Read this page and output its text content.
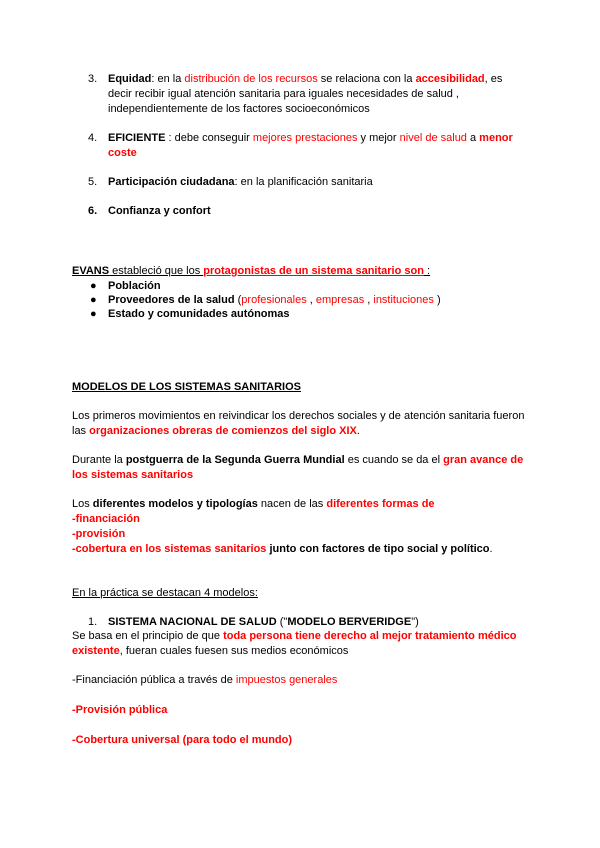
3. Equidad: en la distribución de los recursos se relaciona con la accesibilidad, es decir recibir igual atención sanitaria para iguales necesidades de salud , independientemente de los factores socioeconómicos
4. EFICIENTE : debe conseguir mejores prestaciones y mejor nivel de salud a menor coste
5. Participación ciudadana: en la planificación sanitaria
6. Confianza y confort
EVANS estableció que los protagonistas de un sistema sanitario son :
● Población
● Proveedores de la salud (profesionales , empresas , instituciones )
● Estado y comunidades autónomas
MODELOS DE LOS SISTEMAS SANITARIOS
Los primeros movimientos en reivindicar los derechos sociales y de atención sanitaria fueron las organizaciones obreras de comienzos del siglo XIX.
Durante la postguerra de la Segunda Guerra Mundial es cuando se da el gran avance de los sistemas sanitarios
Los diferentes modelos y tipologías nacen de las diferentes formas de
-financiación
-provisión
-cobertura en los sistemas sanitarios junto con factores de tipo social y político.
En la práctica se destacan 4 modelos:
1. SISTEMA NACIONAL DE SALUD ("MODELO BERVERIDGE")
Se basa en el principio de que toda persona tiene derecho al mejor tratamiento médico existente, fueran cuales fuesen sus medios económicos
-Financiación pública a través de impuestos generales
-Provisión pública
-Cobertura universal (para todo el mundo)
